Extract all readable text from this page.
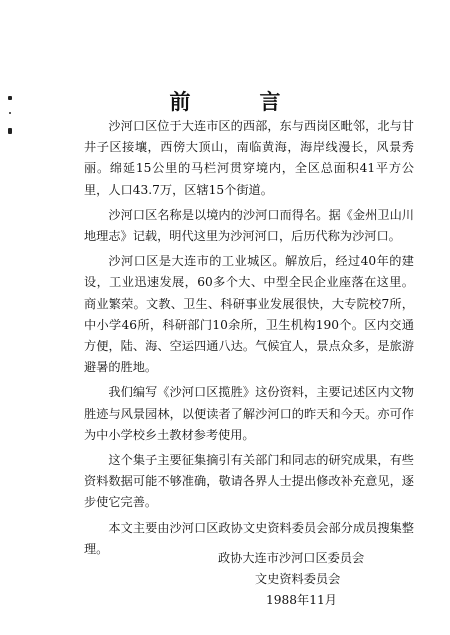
前　言

沙河口区位于大连市区的西部，东与西岗区毗邻，北与甘井子区接壤，西傍大顶山，南临黄海，海岸线漫长，风景秀丽。绵延15公里的马栏河贯穿境内，全区总面积41平方公里，人口43.7万，区辖15个街道。

沙河口区名称是以境内的沙河口而得名。据《金州卫山川地理志》记载，明代这里为沙河河口，后历代称为沙河口。

沙河口区是大连市的工业城区。解放后，经过40年的建设，工业迅速发展，60多个大、中型全民企业座落在这里。商业繁荣。文教、卫生、科研事业发展很快，大专院校7所，中小学46所，科研部门10余所，卫生机构190个。区内交通方便，陆、海、空运四通八达。气候宜人，景点众多，是旅游避暑的胜地。

我们编写《沙河口区揽胜》这份资料，主要记述区内文物胜迹与风景园林，以便读者了解沙河口的昨天和今天。亦可作为中小学校乡土教材参考使用。

这个集子主要征集摘引有关部门和同志的研究成果，有些资料数据可能不够准确，敬请各界人士提出修改补充意见，逐步使它完善。

本文主要由沙河口区政协文史资料委员会部分成员搜集整理。

政协大连市沙河口区委员会
文史资料委员会
1988年11月
